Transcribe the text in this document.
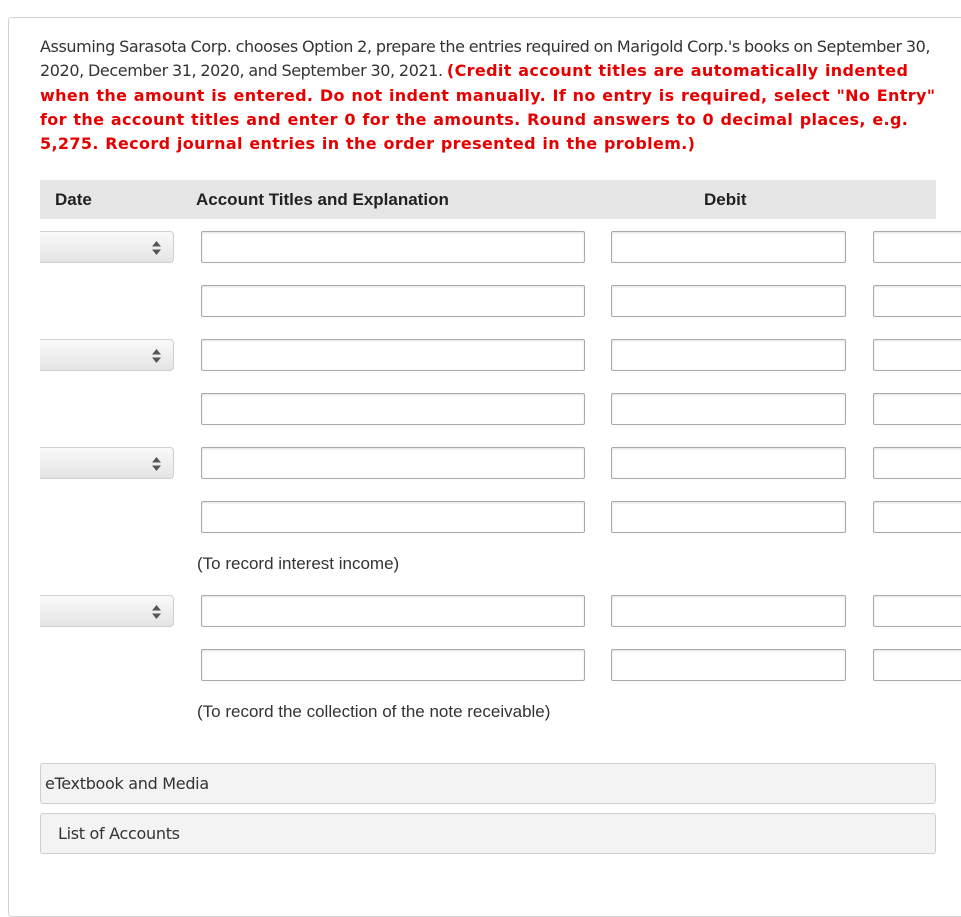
Assuming Sarasota Corp. chooses Option 2, prepare the entries required on Marigold Corp.'s books on September 30, 2020, December 31, 2020, and September 30, 2021. (Credit account titles are automatically indented when the amount is entered. Do not indent manually. If no entry is required, select "No Entry" for the account titles and enter 0 for the amounts. Round answers to 0 decimal places, e.g. 5,275. Record journal entries in the order presented in the problem.)
Date	Account Titles and Explanation	Debit
(To record interest income)
(To record the collection of the note receivable)
eTextbook and Media
List of Accounts
